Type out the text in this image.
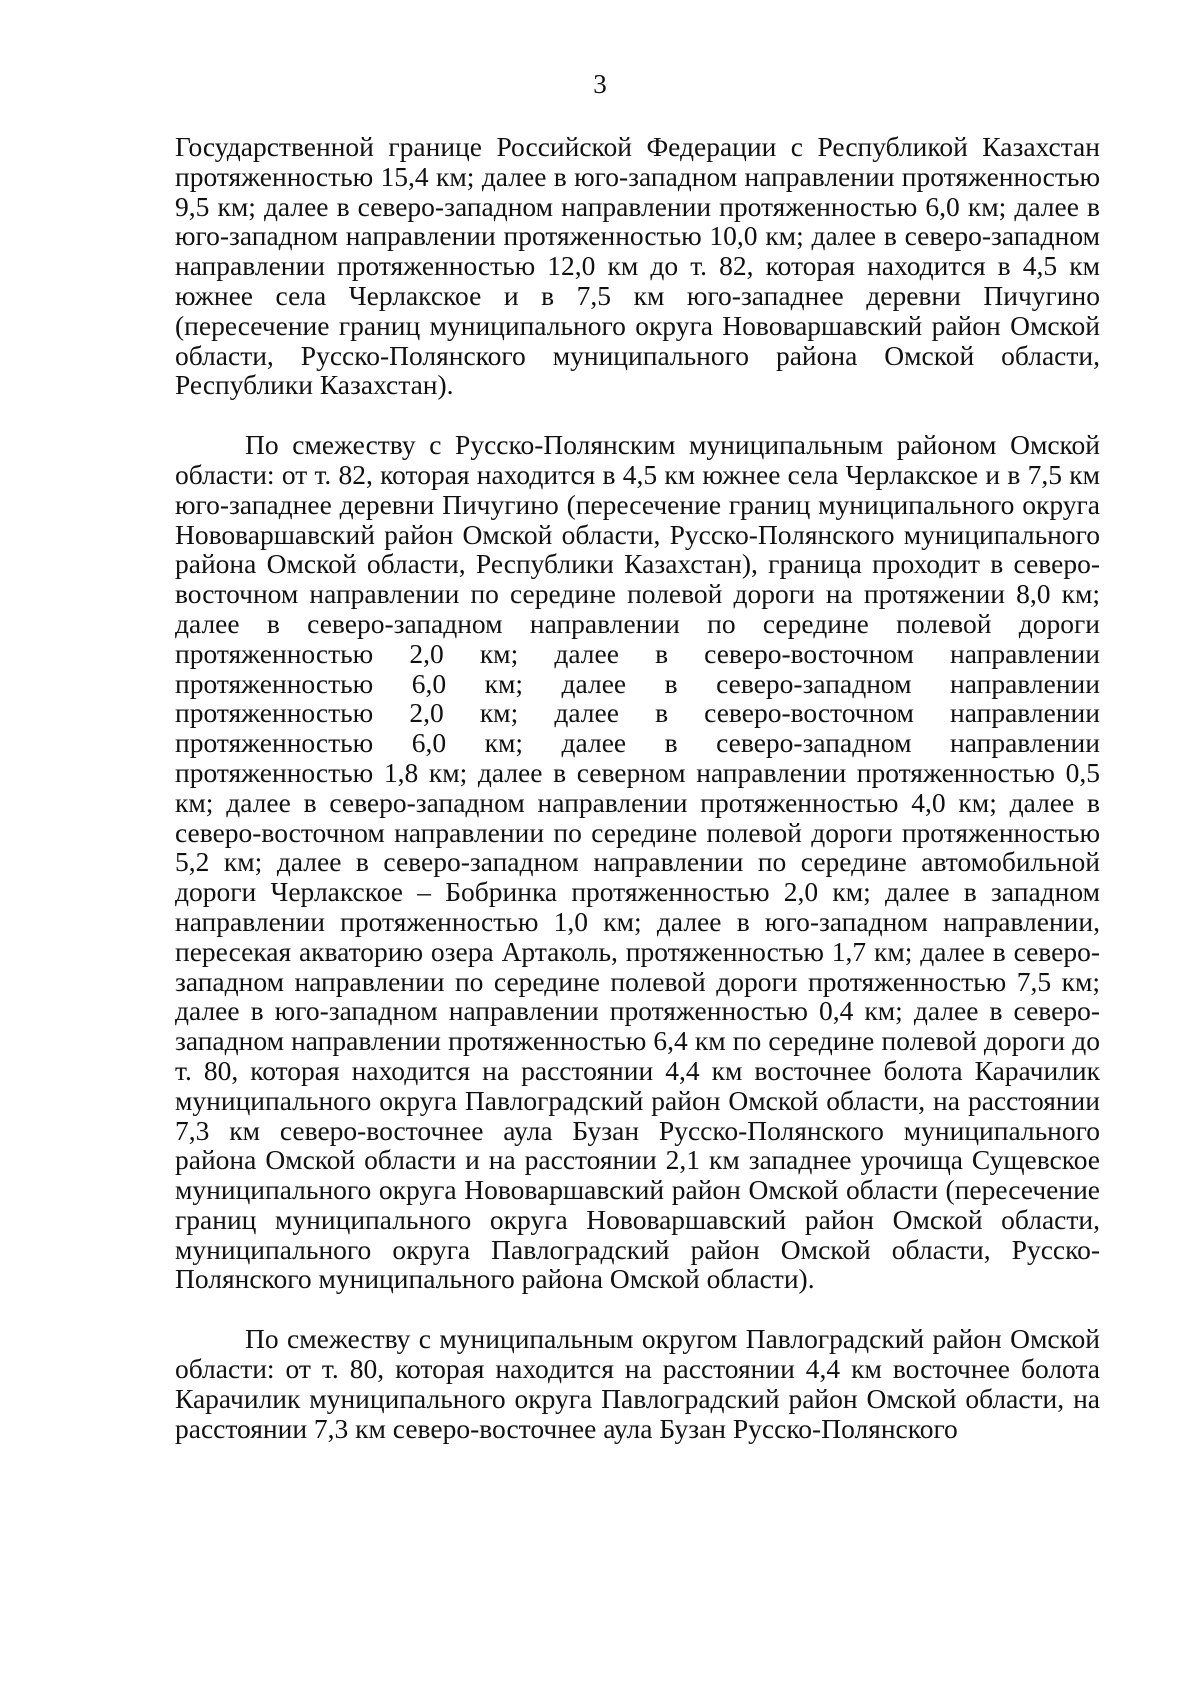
3

Государственной границе Российской Федерации с Республикой Казахстан протяженностью 15,4 км; далее в юго-западном направлении протяженностью 9,5 км; далее в северо-западном направлении протяженностью 6,0 км; далее в юго-западном направлении протяженностью 10,0 км; далее в северо-западном направлении протяженностью 12,0 км до т. 82, которая находится в 4,5 км южнее села Черлакское и в 7,5 км юго-западнее деревни Пичугино (пересечение границ муниципального округа Нововаршавский район Омской области, Русско-Полянского муниципального района Омской области, Республики Казахстан).

По смежеству с Русско-Полянским муниципальным районом Омской области: от т. 82, которая находится в 4,5 км южнее села Черлакское и в 7,5 км юго-западнее деревни Пичугино (пересечение границ муниципального округа Нововаршавский район Омской области, Русско-Полянского муниципального района Омской области, Республики Казахстан), граница проходит в северо-восточном направлении по середине полевой дороги на протяжении 8,0 км; далее в северо-западном направлении по середине полевой дороги протяженностью 2,0 км; далее в северо-восточном направлении протяженностью 6,0 км; далее в северо-западном направлении протяженностью 2,0 км; далее в северо-восточном направлении протяженностью 6,0 км; далее в северо-западном направлении протяженностью 1,8 км; далее в северном направлении протяженностью 0,5 км; далее в северо-западном направлении протяженностью 4,0 км; далее в северо-восточном направлении по середине полевой дороги протяженностью 5,2 км; далее в северо-западном направлении по середине автомобильной дороги Черлакское – Бобринка протяженностью 2,0 км; далее в западном направлении протяженностью 1,0 км; далее в юго-западном направлении, пересекая акваторию озера Артаколь, протяженностью 1,7 км; далее в северо-западном направлении по середине полевой дороги протяженностью 7,5 км; далее в юго-западном направлении протяженностью 0,4 км; далее в северо-западном направлении протяженностью 6,4 км по середине полевой дороги до т. 80, которая находится на расстоянии 4,4 км восточнее болота Карачилик муниципального округа Павлоградский район Омской области, на расстоянии 7,3 км северо-восточнее аула Бузан Русско-Полянского муниципального района Омской области и на расстоянии 2,1 км западнее урочища Сущевское муниципального округа Нововаршавский район Омской области (пересечение границ муниципального округа Нововаршавский район Омской области, муниципального округа Павлоградский район Омской области, Русско-Полянского муниципального района Омской области).

По смежеству с муниципальным округом Павлоградский район Омской области: от т. 80, которая находится на расстоянии 4,4 км восточнее болота Карачилик муниципального округа Павлоградский район Омской области, на расстоянии 7,3 км северо-восточнее аула Бузан Русско-Полянского
